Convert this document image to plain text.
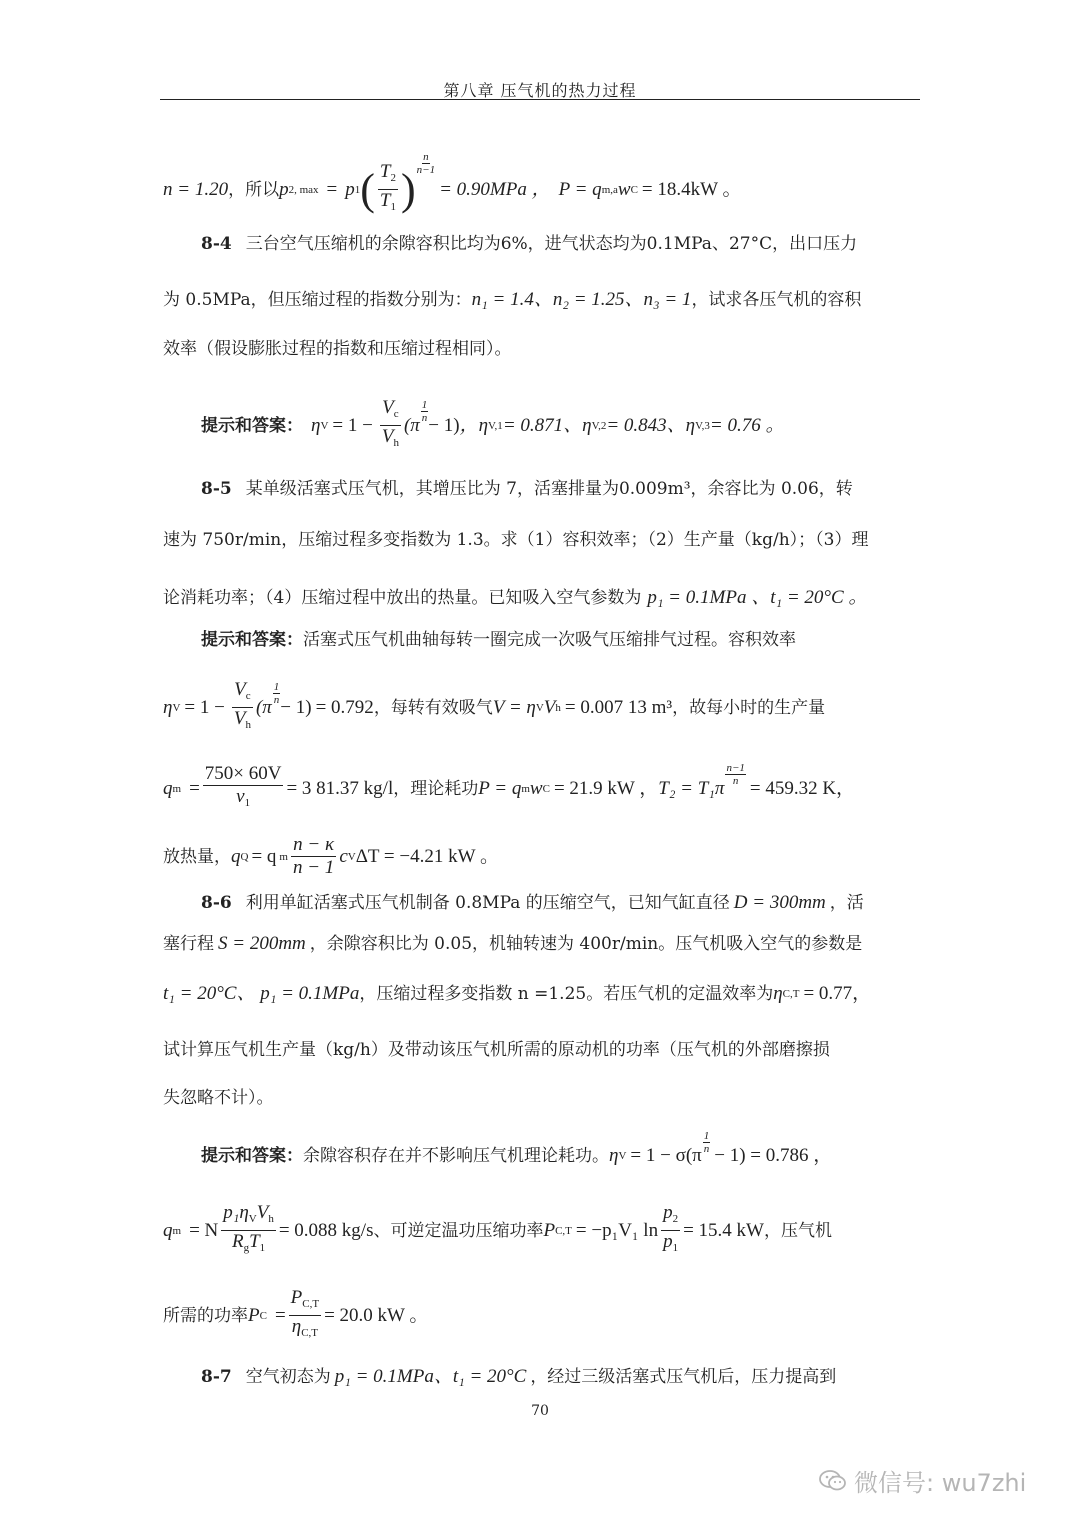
第八章 压气机的热力过程
n = 1.20 ，所以 p 2, max = p 1 ( $\frac{T_2}{T_1}$ )
$\frac{n}{n-1}$
= 0.90MPa ， P = q m,a w C = 18.4kW 。
8-4 三台空气压缩机的余隙容积比均为6%，进气状态均为0.1MPa、27°C，出口压力
为 0.5MPa，但压缩过程的指数分别为： n₁ = 1.4、n₂ = 1.25、n₃ = 1 ，试求各压气机的容积
效率（假设膨胀过程的指数和压缩过程相同）。
提示和答案： η $V = 1 - \frac{V_c}{V_h} (\pi$
$\frac{1}{n}$
− 1) ，η V,1 = 0.871、η V,2 = 0.843、η V,3 = 0.76 。
8-5 某单级活塞式压气机，其增压比为 7，活塞排量为0.009m³，余容比为 0.06，转
速为 750r/min，压缩过程多变指数为 1.3。求（1）容积效率；（2）生产量（kg/h）；（3）理
论消耗功率；（4）压缩过程中放出的热量。已知吸入空气参数为 p₁ = 0.1MPa 、t₁ = 20°C 。
提示和答案： 活塞式压气机曲轴每转一圈完成一次吸气压缩排气过程。容积效率
η $V = 1 - \frac{V_c}{V_h} (\pi$
$\frac{1}{n}$
− 1) = 0.792 ，每转有效吸气 V = η V V h = 0.007 13 m³ ，故每小时的生产量
q $m = \frac{750\times 60V}{v_1} = 3$ 81.37 kg/l ，理论耗功 P = q m w C = 21.9 kW ， T₂ = T₁π
$\frac{n-1}{n}$
= 459.32 K，
放热量， q Q = q m $\frac{n - \kappa}{n - 1}$ c V ΔT = −4.21 kW 。
8-6 利用单缸活塞式压气机制备 0.8MPa 的压缩空气，已知气缸直径 D = 300mm ，活
塞行程 S = 200mm ，余隙容积比为 0.05，机轴转速为 400r/min。压气机吸入空气的参数是
t₁ = 20°C、 p₁ = 0.1MPa ，压缩过程多变指数 n =1.25。若压气机的定温效率为 η C,T = 0.77，
试计算压气机生产量（kg/h）及带动该压气机所需的原动机的功率（压气机的外部磨擦损
失忽略不计）。
提示和答案： 余隙容积存在并不影响压气机理论耗功。 η V = 1 − σ(π
$\frac{1}{n}$
− 1) = 0.786 ，
q m = N $\frac{p_1\eta_VV_h}{R_gT_1} = 0.088$ kg/s 、可逆定温功压缩功率 P C,T = −p₁V₁ $\ln \frac{p_2}{p_1} = 15.4$ kW ，压气机
所需的功率 P $C = \frac{P_{C,T}}{\eta_{C,T}} = 20.0$ kW 。
8-7 空气初态为 p₁ = 0.1MPa、t₁ = 20°C ，经过三级活塞式压气机后，压力提高到
70
微信号: wu7zhi
